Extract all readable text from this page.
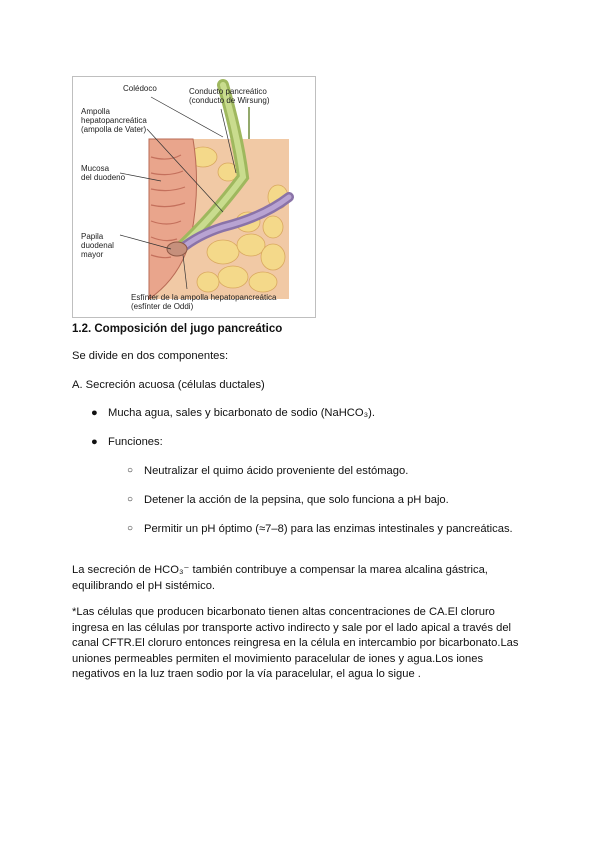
Colédoco	Conducto pancreático
(conducto de Wirsung)
Ampolla
hepatopancreática
(ampolla de Vater)
Mucosa
del duodeno
Papila
duodenal
mayor
Esfínter de la ampolla hepatopancreática
(esfínter de Oddi)
1.2. Composición del jugo pancreático
Se divide en dos componentes:
A. Secreción acuosa (células ductales)
● Mucha agua, sales y bicarbonato de sodio (NaHCO₃).
● Funciones:
○ Neutralizar el quimo ácido proveniente del estómago.
○ Detener la acción de la pepsina, que solo funciona a pH bajo.
○ Permitir un pH óptimo (≈7–8) para las enzimas intestinales y pancreáticas.
La secreción de HCO₃⁻ también contribuye a compensar la marea alcalina gástrica, equilibrando el pH sistémico.
*Las células que producen bicarbonato tienen altas concentraciones de CA.El cloruro ingresa en las células por transporte activo indirecto y sale por el lado apical a través del canal CFTR.El cloruro entonces reingresa en la célula en intercambio por bicarbonato.Las uniones permeables permiten el movimiento paracelular de iones y agua.Los iones negativos en la luz traen sodio por la vía paracelular, el agua lo sigue .
